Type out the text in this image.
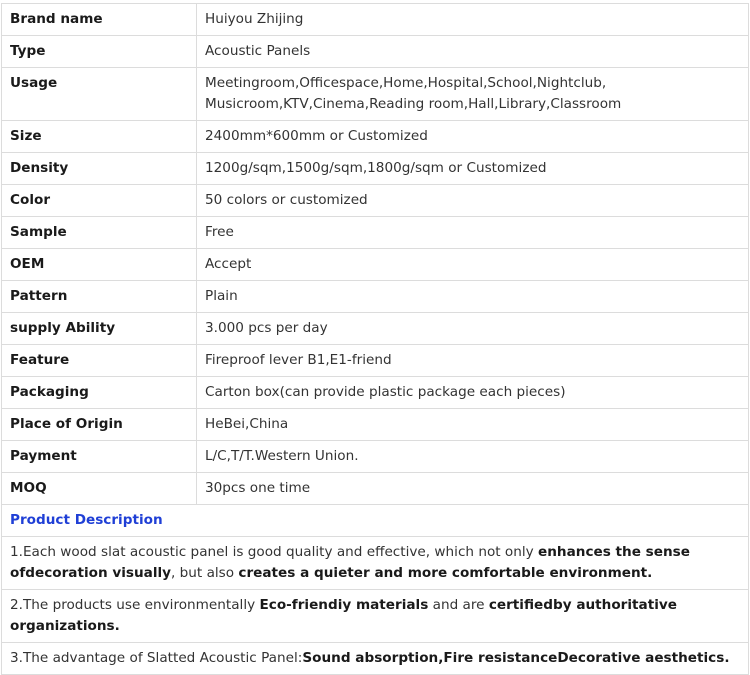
Brand name	Huiyou Zhijing
Type	Acoustic Panels
Usage	Meetingroom,Officespace,Home,Hospital,School,Nightclub,
Musicroom,KTV,Cinema,Reading room,Hall,Library,Classroom

Size	2400mm*600mm or Customized
Density	1200g/sqm,1500g/sqm,1800g/sqm or Customized
Color	50 colors or customized
Sample	Free
OEM	Accept
Pattern	Plain
supply Ability	3.000 pcs per day
Feature	Fireproof lever B1,E1-friend
Packaging	Carton box(can provide plastic package each pieces)
Place of Origin	HeBei,China
Payment	L/C,T/T.Western Union.
MOQ	30pcs one time
Product Description	
1.Each wood slat acoustic panel is good quality and effective, which not only enhances the sense
ofdecoration visually, but also creates a quieter and more comfortable environment.	
2.The products use environmentally Eco-friendiy materials and are certifiedby authoritative organizations.	
3.The advantage of Slatted Acoustic Panel:Sound absorption,Fire resistanceDecorative aesthetics.	
